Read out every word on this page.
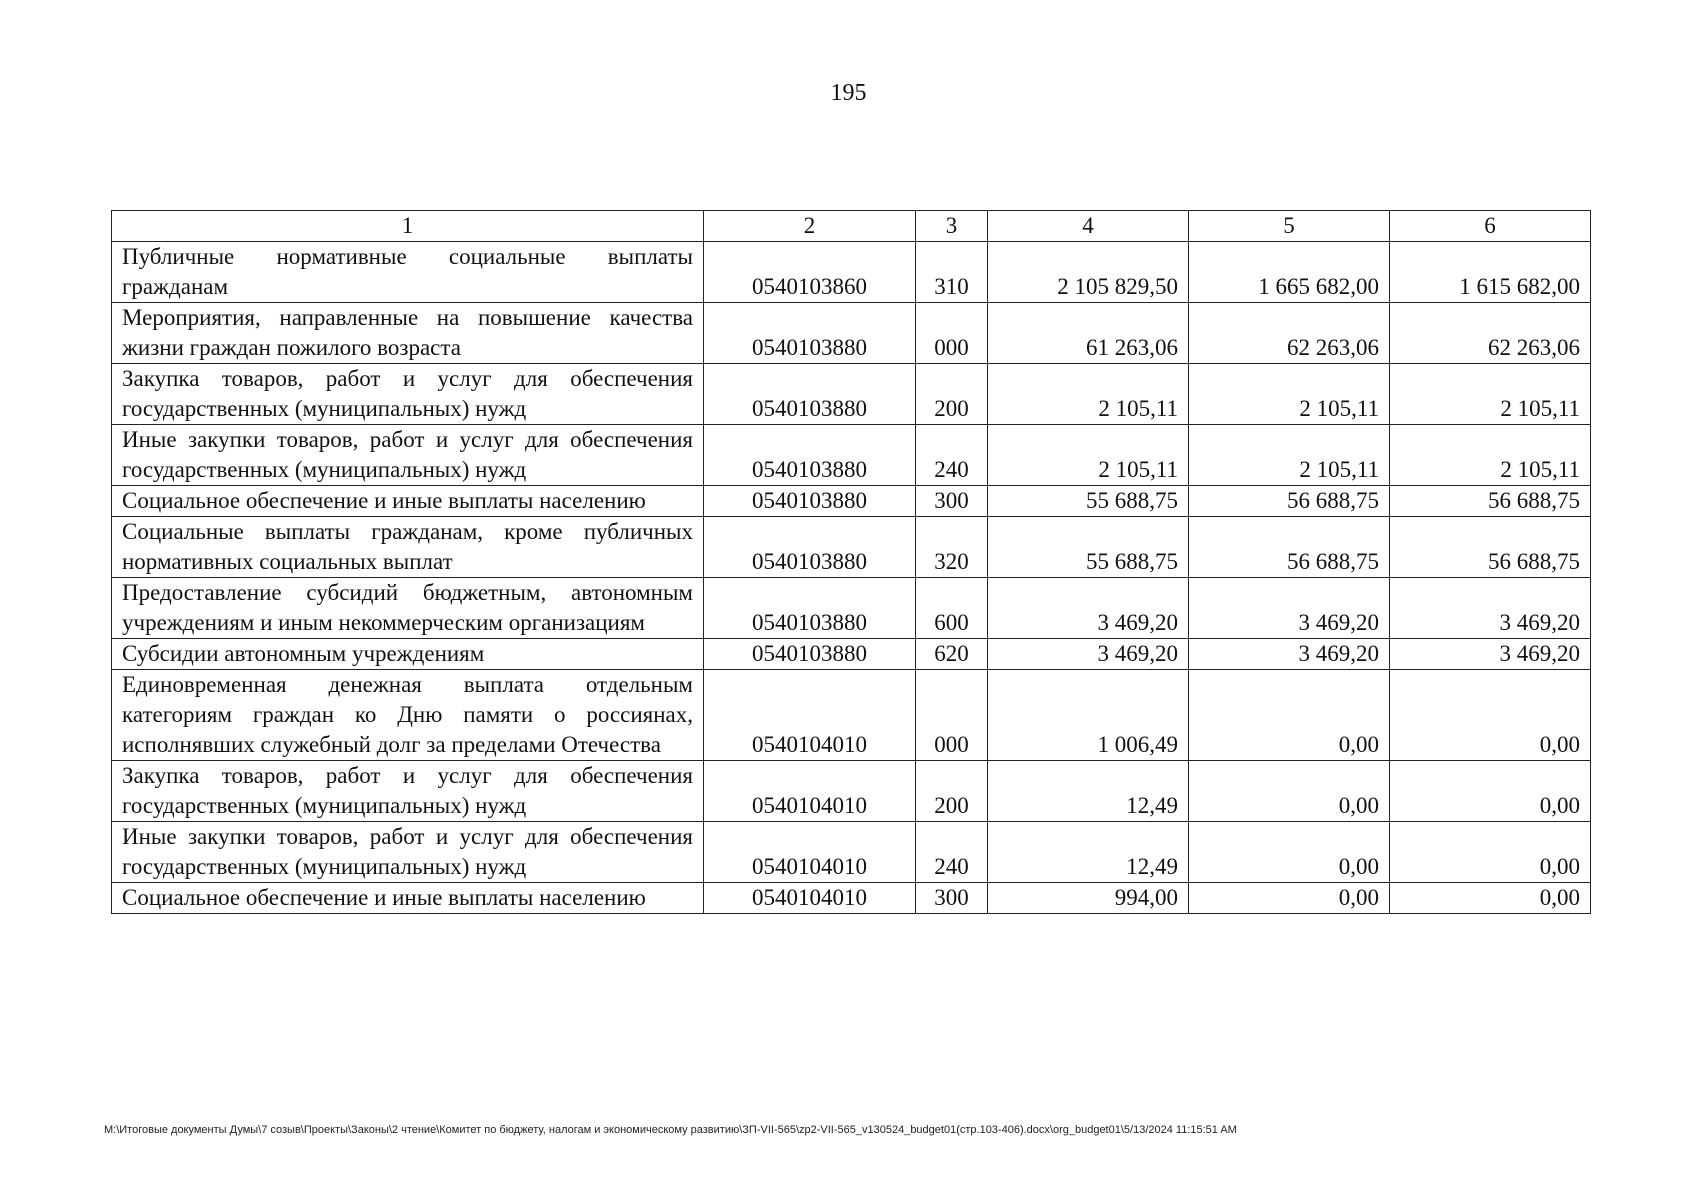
195
1	2	3	4	5	6
Публичные нормативные социальные выплаты гражданам	0540103860	310	2 105 829,50	1 665 682,00	1 615 682,00
Мероприятия, направленные на повышение качества жизни граждан пожилого возраста	0540103880	000	61 263,06	62 263,06	62 263,06
Закупка товаров, работ и услуг для обеспечения государственных (муниципальных) нужд	0540103880	200	2 105,11	2 105,11	2 105,11
Иные закупки товаров, работ и услуг для обеспечения государственных (муниципальных) нужд	0540103880	240	2 105,11	2 105,11	2 105,11
Социальное обеспечение и иные выплаты населению	0540103880	300	55 688,75	56 688,75	56 688,75
Социальные выплаты гражданам, кроме публичных нормативных социальных выплат	0540103880	320	55 688,75	56 688,75	56 688,75
Предоставление субсидий бюджетным, автономным учреждениям и иным некоммерческим организациям	0540103880	600	3 469,20	3 469,20	3 469,20
Субсидии автономным учреждениям	0540103880	620	3 469,20	3 469,20	3 469,20
Единовременная денежная выплата отдельным категориям граждан ко Дню памяти о россиянах, исполнявших служебный долг за пределами Отечества	0540104010	000	1 006,49	0,00	0,00
Закупка товаров, работ и услуг для обеспечения государственных (муниципальных) нужд	0540104010	200	12,49	0,00	0,00
Иные закупки товаров, работ и услуг для обеспечения государственных (муниципальных) нужд	0540104010	240	12,49	0,00	0,00
Социальное обеспечение и иные выплаты населению	0540104010	300	994,00	0,00	0,00
M:\Итоговые документы Думы\7 созыв\Проекты\Законы\2 чтение\Комитет по бюджету, налогам и экономическому развитию\ЗП-VII-565\zp2-VII-565_v130524_budget01(стр.103-406).docx\org_budget01\5/13/2024 11:15:51 AM
